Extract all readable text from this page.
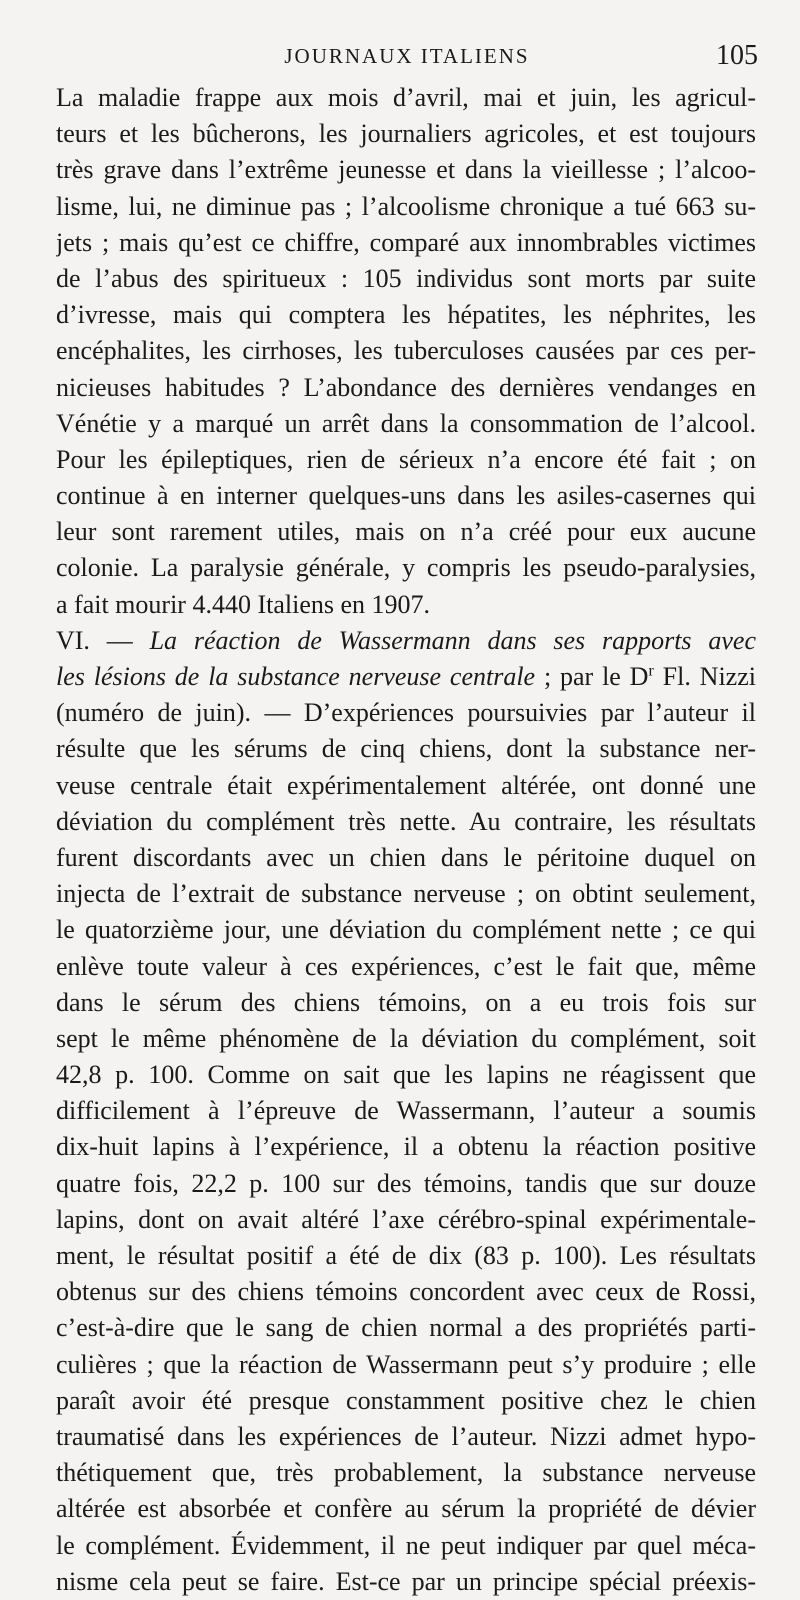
JOURNAUX ITALIENS	105
La maladie frappe aux mois d’avril, mai et juin, les agricul-
teurs et les bûcherons, les journaliers agricoles, et est toujours
très grave dans l’extrême jeunesse et dans la vieillesse ; l’alcoo-
lisme, lui, ne diminue pas ; l’alcoolisme chronique a tué 663 su-
jets ; mais qu’est ce chiffre, comparé aux innombrables victimes
de l’abus des spiritueux : 105 individus sont morts par suite
d’ivresse, mais qui comptera les hépatites, les néphrites, les
encéphalites, les cirrhoses, les tuberculoses causées par ces per-
nicieuses habitudes ? L’abondance des dernières vendanges en
Vénétie y a marqué un arrêt dans la consommation de l’alcool.
Pour les épileptiques, rien de sérieux n’a encore été fait ; on
continue à en interner quelques-uns dans les asiles-casernes qui
leur sont rarement utiles, mais on n’a créé pour eux aucune
colonie. La paralysie générale, y compris les pseudo-paralysies,
a fait mourir 4.440 Italiens en 1907.
VI. — La réaction de Wassermann dans ses rapports avec
les lésions de la substance nerveuse centrale ; par le $D^r$ Fl. Nizzi
(numéro de juin). — D’expériences poursuivies par l’auteur il
résulte que les sérums de cinq chiens, dont la substance ner-
veuse centrale était expérimentalement altérée, ont donné une
déviation du complément très nette. Au contraire, les résultats
furent discordants avec un chien dans le péritoine duquel on
injecta de l’extrait de substance nerveuse ; on obtint seulement,
le quatorzième jour, une déviation du complément nette ; ce qui
enlève toute valeur à ces expériences, c’est le fait que, même
dans le sérum des chiens témoins, on a eu trois fois sur
sept le même phénomène de la déviation du complément, soit
42,8 p. 100. Comme on sait que les lapins ne réagissent que
difficilement à l’épreuve de Wassermann, l’auteur a soumis
dix-huit lapins à l’expérience, il a obtenu la réaction positive
quatre fois, 22,2 p. 100 sur des témoins, tandis que sur douze
lapins, dont on avait altéré l’axe cérébro-spinal expérimentale-
ment, le résultat positif a été de dix (83 p. 100). Les résultats
obtenus sur des chiens témoins concordent avec ceux de Rossi,
c’est-à-dire que le sang de chien normal a des propriétés parti-
culières ; que la réaction de Wassermann peut s’y produire ; elle
paraît avoir été presque constamment positive chez le chien
traumatisé dans les expériences de l’auteur. Nizzi admet hypo-
thétiquement que, très probablement, la substance nerveuse
altérée est absorbée et confère au sérum la propriété de dévier
le complément. Évidemment, il ne peut indiquer par quel méca-
nisme cela peut se faire. Est-ce par un principe spécial préexis-
